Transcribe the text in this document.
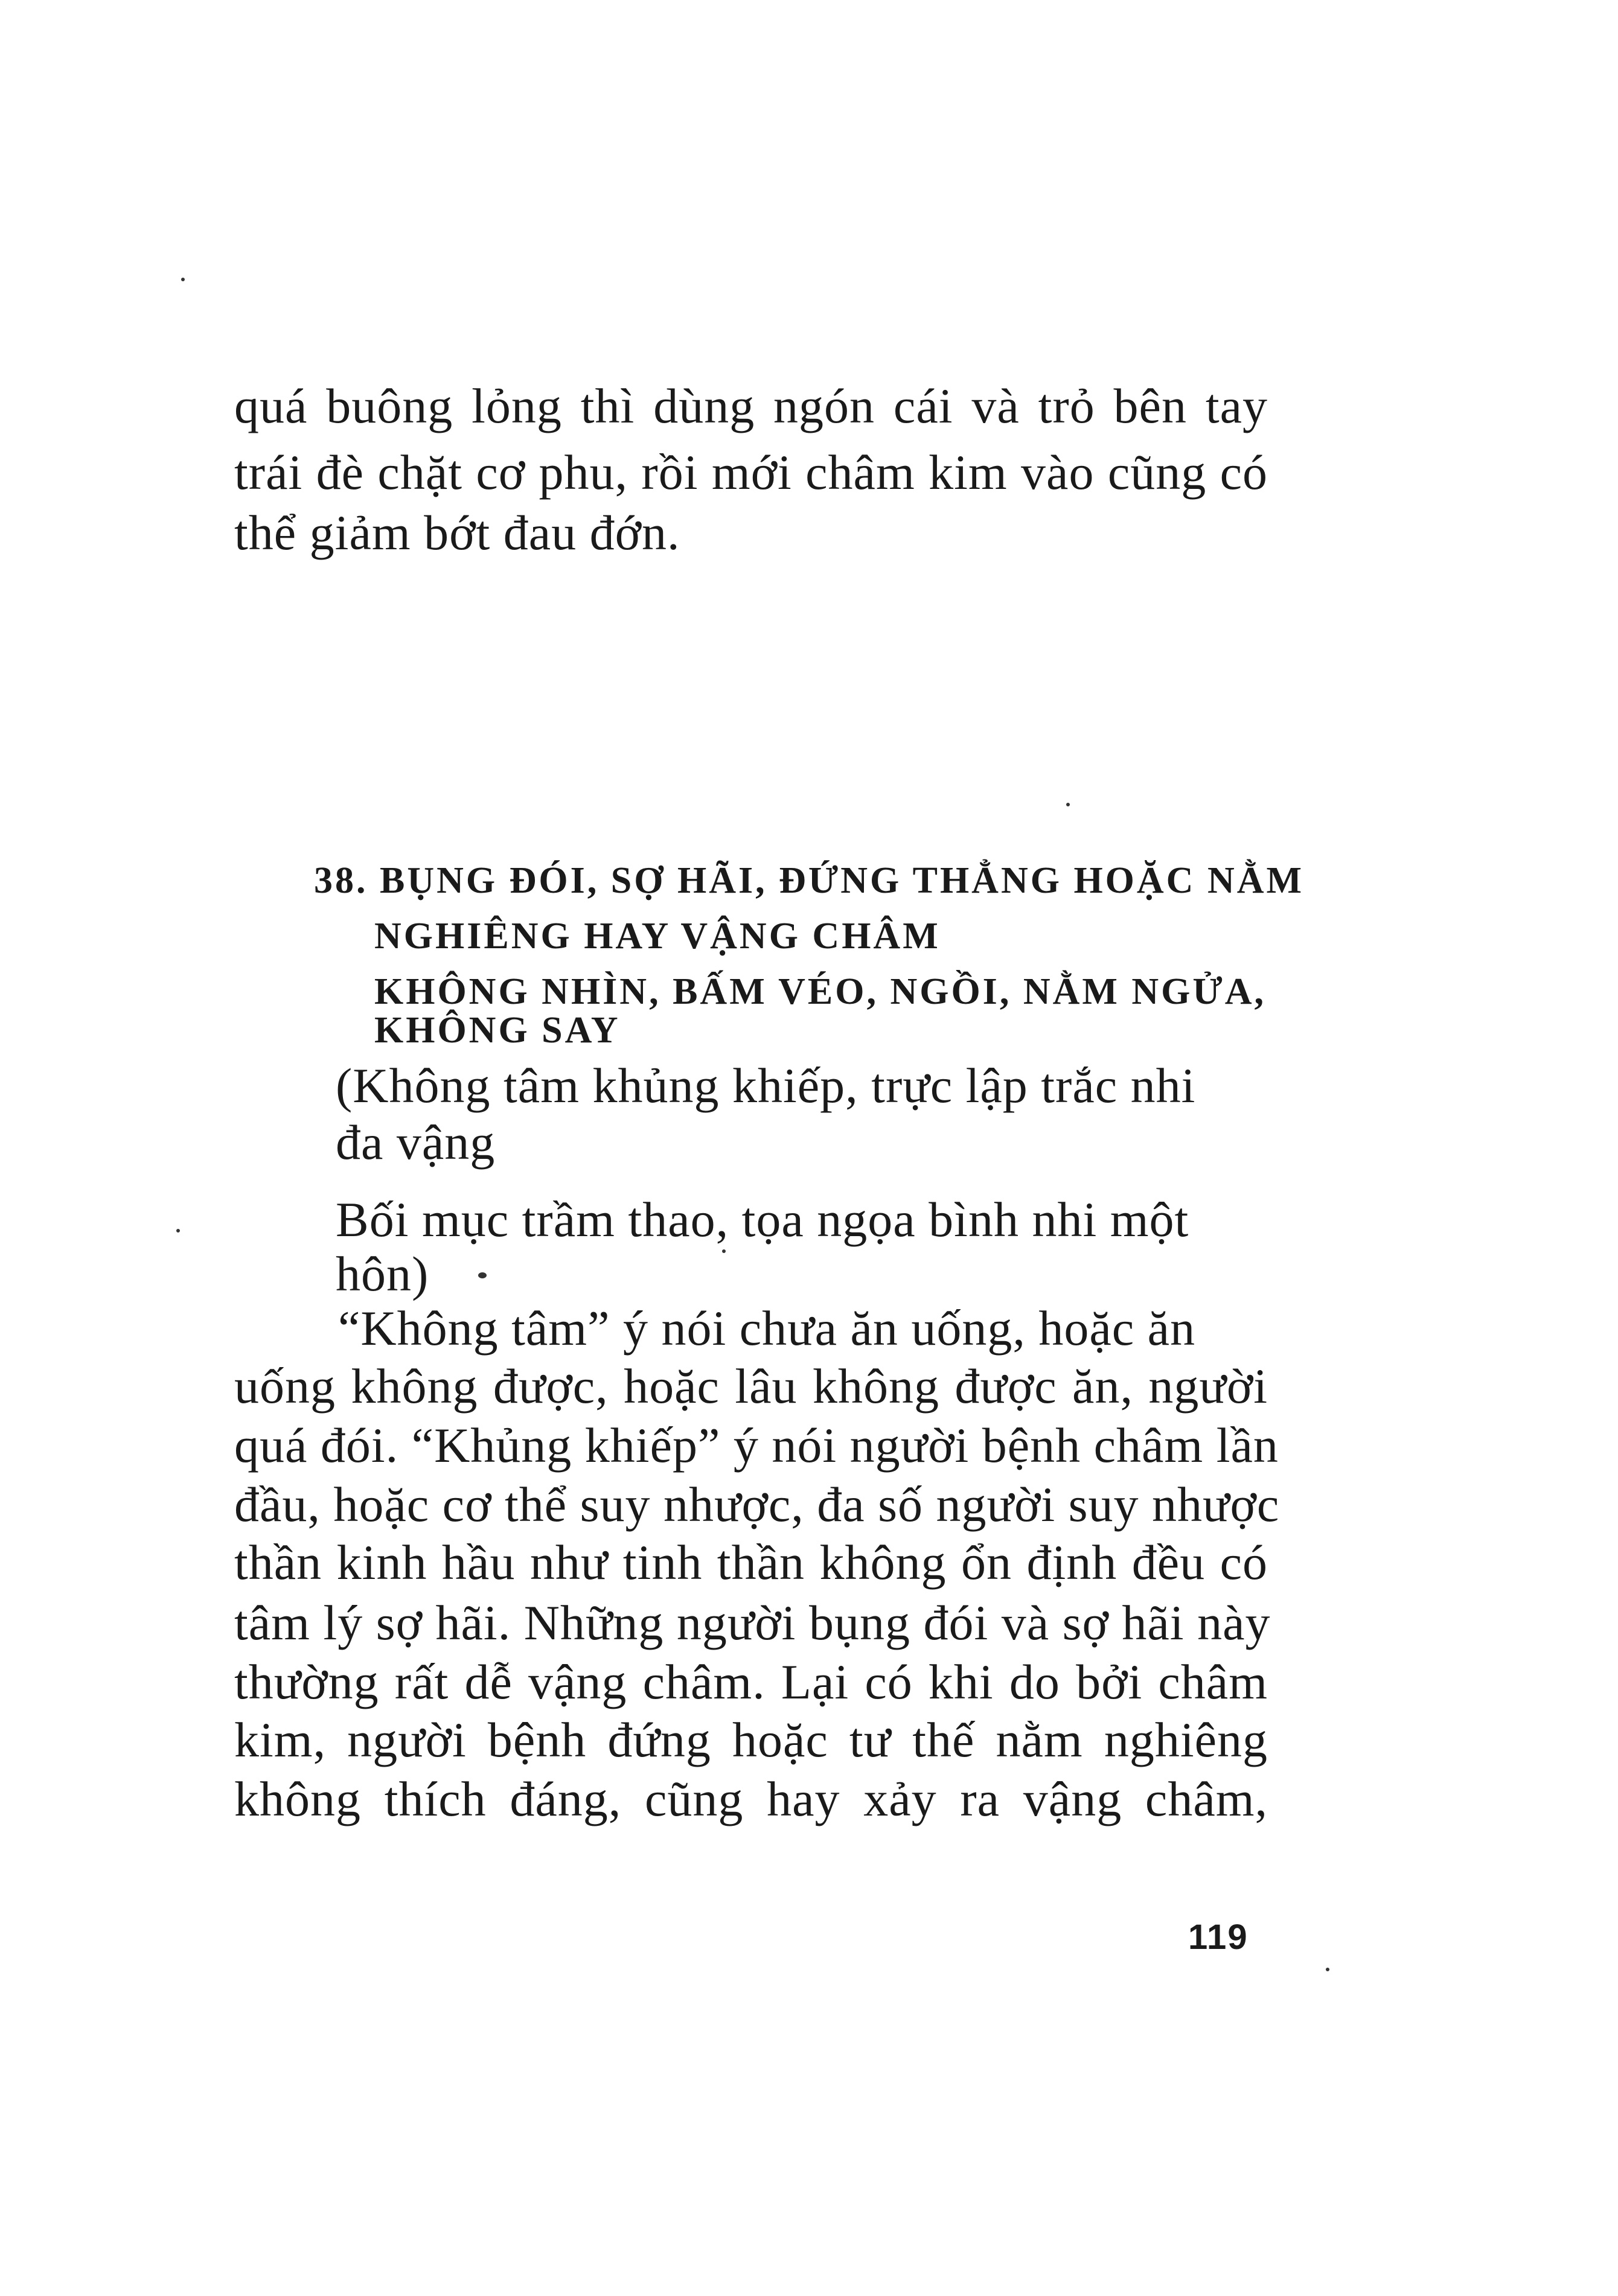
quá buông lỏng thì dùng ngón cái và trỏ bên tay
trái đè chặt cơ phu, rồi mới châm kim vào cũng có
thể giảm bớt đau đớn.
38. BỤNG ĐÓI, SỢ HÃI, ĐỨNG THẲNG HOẶC NẰM
NGHIÊNG HAY VẬNG CHÂM
KHÔNG NHÌN, BẤM VÉO, NGỒI, NẰM NGỬA,
KHÔNG SAY
(Không tâm khủng khiếp, trực lập trắc nhi
đa vậng
Bối mục trầm thao, tọa ngọa bình nhi một
hôn)
“Không tâm” ý nói chưa ăn uống, hoặc ăn
uống không được, hoặc lâu không được ăn, người
quá đói. “Khủng khiếp” ý nói người bệnh châm lần
đầu, hoặc cơ thể suy nhược, đa số người suy nhược
thần kinh hầu như tinh thần không ổn định đều có
tâm lý sợ hãi. Những người bụng đói và sợ hãi này
thường rất dễ vậng châm. Lại có khi do bởi châm
kim, người bệnh đứng hoặc tư thế nằm nghiêng
không thích đáng, cũng hay xảy ra vậng châm,
119
